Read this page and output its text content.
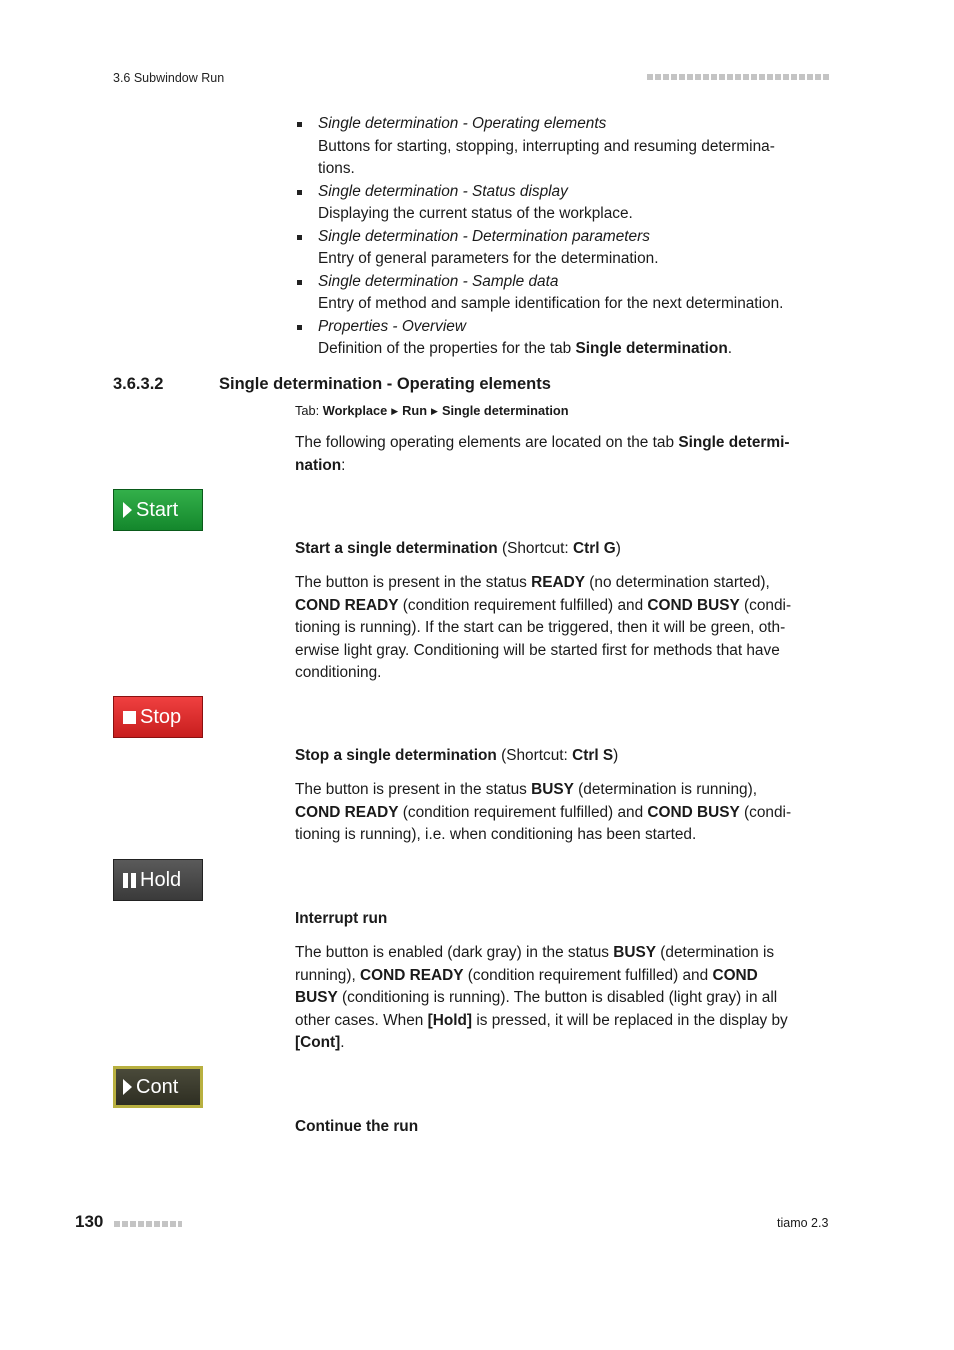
3.6 Subwindow Run
Single determination - Operating elements
Buttons for starting, stopping, interrupting and resuming determina-
tions.
Single determination - Status display
Displaying the current status of the workplace.
Single determination - Determination parameters
Entry of general parameters for the determination.
Single determination - Sample data
Entry of method and sample identification for the next determination.
Properties - Overview
Definition of the properties for the tab Single determination.
3.6.3.2	Single determination - Operating elements
Tab: Workplace ▶ Run ▶ Single determination
The following operating elements are located on the tab Single determi-
nation:
Start
Start a single determination (Shortcut: Ctrl G)
The button is present in the status READY (no determination started),
COND READY (condition requirement fulfilled) and COND BUSY (condi-
tioning is running). If the start can be triggered, then it will be green, oth-
erwise light gray. Conditioning will be started first for methods that have
conditioning.
Stop
Stop a single determination (Shortcut: Ctrl S)
The button is present in the status BUSY (determination is running),
COND READY (condition requirement fulfilled) and COND BUSY (condi-
tioning is running), i.e. when conditioning has been started.
Hold
Interrupt run
The button is enabled (dark gray) in the status BUSY (determination is
running), COND READY (condition requirement fulfilled) and COND
BUSY (conditioning is running). The button is disabled (light gray) in all
other cases. When [Hold] is pressed, it will be replaced in the display by
[Cont].
Cont
Continue the run
130	tiamo 2.3
